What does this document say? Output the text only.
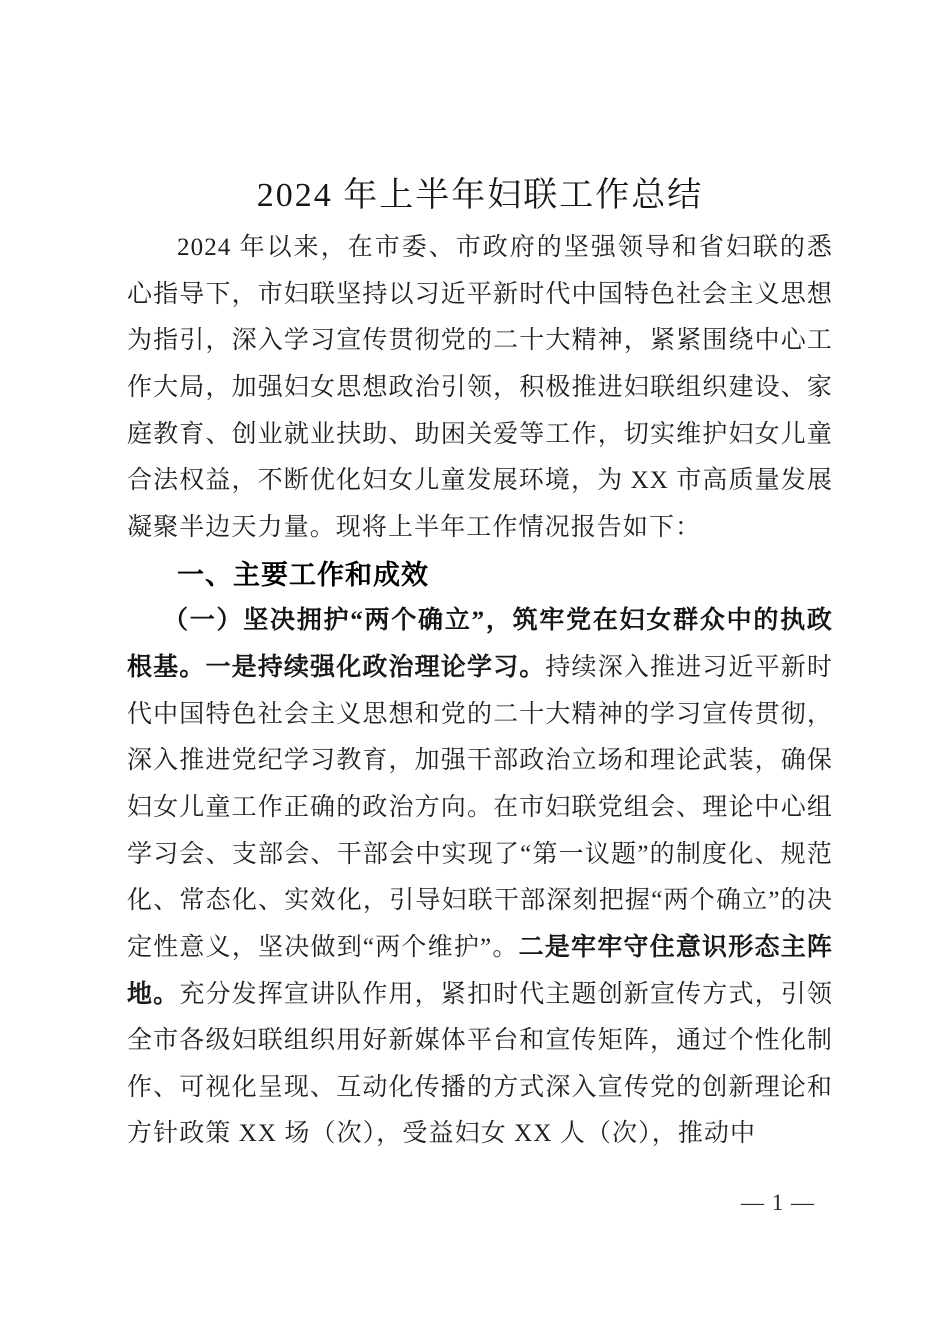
2024 年上半年妇联工作总结

2024 年以来，在市委、市政府的坚强领导和省妇联的悉心指导下，市妇联坚持以习近平新时代中国特色社会主义思想为指引，深入学习宣传贯彻党的二十大精神，紧紧围绕中心工作大局，加强妇女思想政治引领，积极推进妇联组织建设、家庭教育、创业就业扶助、助困关爱等工作，切实维护妇女儿童合法权益，不断优化妇女儿童发展环境，为 XX 市高质量发展凝聚半边天力量。现将上半年工作情况报告如下：

一、主要工作和成效

（一）坚决拥护“两个确立”，筑牢党在妇女群众中的执政根基。一是持续强化政治理论学习。持续深入推进习近平新时代中国特色社会主义思想和党的二十大精神的学习宣传贯彻，深入推进党纪学习教育，加强干部政治立场和理论武装，确保妇女儿童工作正确的政治方向。在市妇联党组会、理论中心组学习会、支部会、干部会中实现了“第一议题”的制度化、规范化、常态化、实效化，引导妇联干部深刻把握“两个确立”的决定性意义，坚决做到“两个维护”。二是牢牢守住意识形态主阵地。充分发挥宣讲队作用，紧扣时代主题创新宣传方式，引领全市各级妇联组织用好新媒体平台和宣传矩阵，通过个性化制作、可视化呈现、互动化传播的方式深入宣传党的创新理论和方针政策 XX 场（次），受益妇女 XX 人（次），推动中

— 1 —
